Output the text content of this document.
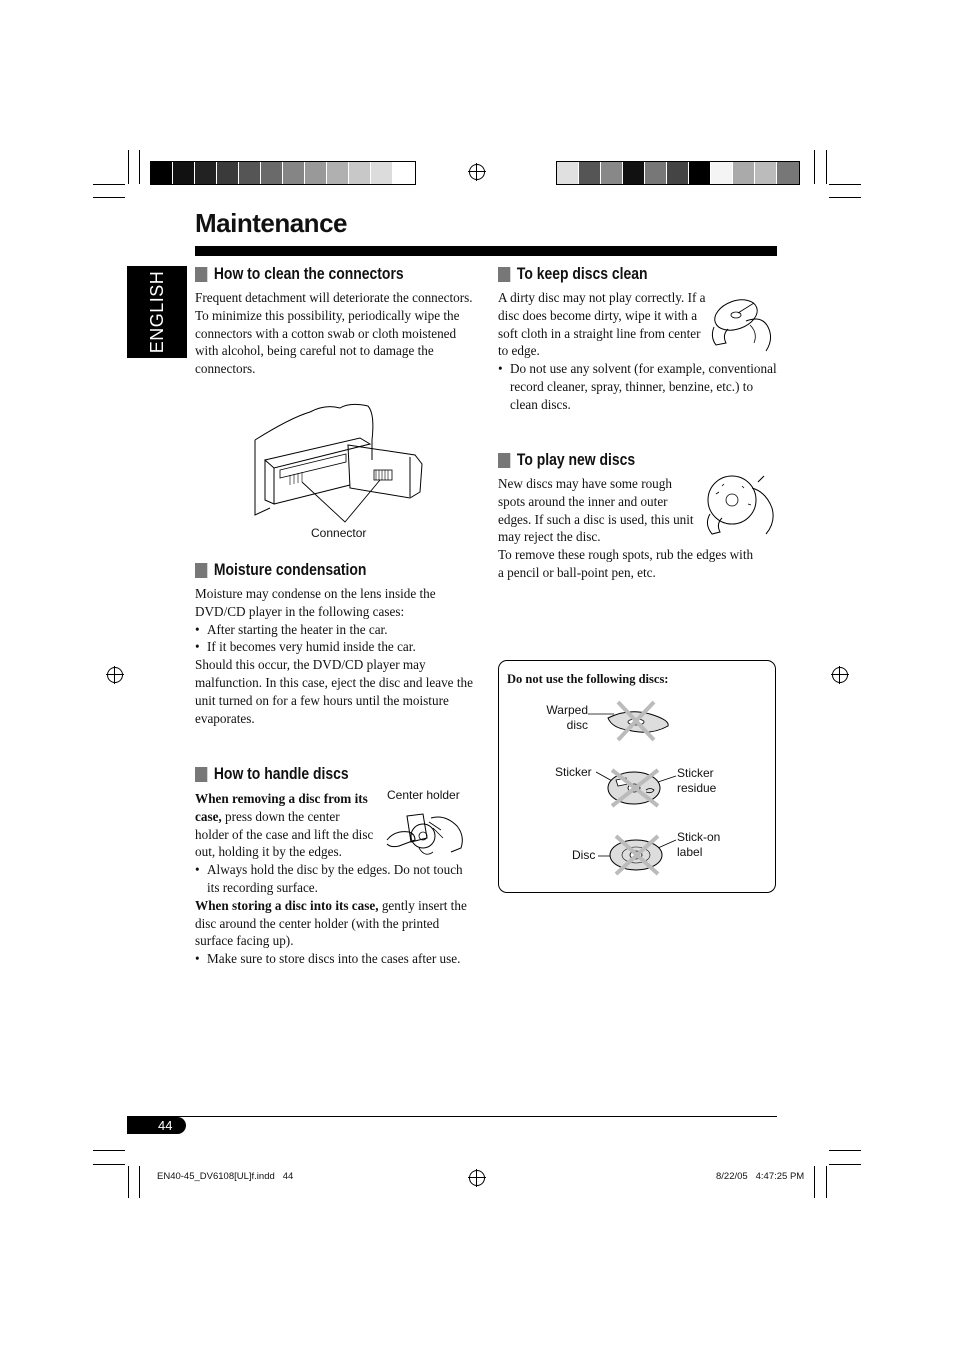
Maintenance
ENGLISH	How to clean the connectors
Frequent detachment will deteriorate the connectors.
To minimize this possibility, periodically wipe the connectors with a cotton swab or cloth moistened with alcohol, being careful not to damage the connectors.
Connector
Moisture condensation
Moisture may condense on the lens inside the DVD/CD player in the following cases:
• After starting the heater in the car.
• If it becomes very humid inside the car.
Should this occur, the DVD/CD player may malfunction. In this case, eject the disc and leave the unit turned on for a few hours until the moisture evaporates.
How to handle discs
When removing a disc from its case, press down the center holder of the case and lift the disc out, holding it by the edges.
• Always hold the disc by the edges. Do not touch its recording surface.
When storing a disc into its case, gently insert the disc around the center holder (with the printed surface facing up).
• Make sure to store discs into the cases after use.
Center holder
To keep discs clean
A dirty disc may not play correctly. If a disc does become dirty, wipe it with a soft cloth in a straight line from center to edge.
• Do not use any solvent (for example, conventional record cleaner, spray, thinner, benzine, etc.) to clean discs.
To play new discs
New discs may have some rough spots around the inner and outer edges. If such a disc is used, this unit may reject the disc.
To remove these rough spots, rub the edges with a pencil or ball-point pen, etc.
Do not use the following discs:
Warped disc
Sticker	Sticker residue
Stick-on label
Disc
44
EN40-45_DV6108[UL]f.indd   44	8/22/05   4:47:25 PM
